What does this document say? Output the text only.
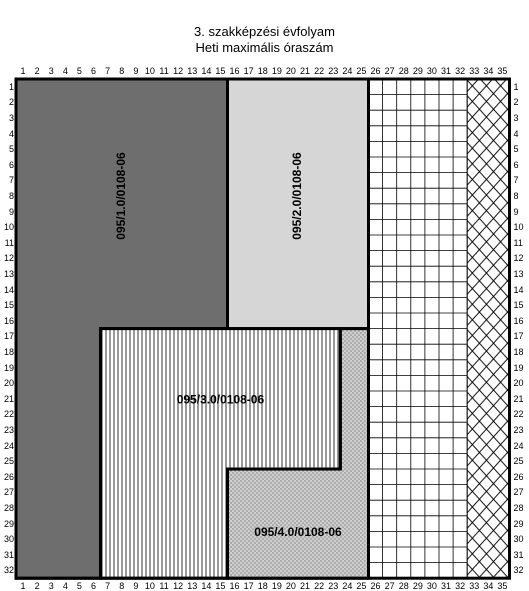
3. szakképzési évfolyam
Heti maximális óraszám
1
1
2
2
3
3
4
4
5
5
6
6
7
7
8
8
9
9
10
10
11
11
12
12
13
13
14
14
15
15
16
16
17
17
18
18
19
19
20
20
21
21
22
22
23
23
24
24
25
25
26
26
27
27
28
28
29
29
30
30
31
31
32
32
33
33
34
34
35
35
1	1
2	2
3	3
4	4
5	5
6	6
7	7
8	8
9	9
10	10
11	11
12	12
13	13
14	14
15	15
16	16
17	17
18	18
19	19
20	20
21	21
22	22
23	23
24	24
25	25
26	26
27	27
28	28
29	29
30	30
31	31
32	32
095/1.0/0108-06	095/2.0/0108-06
095/3.0/0108-06
095/4.0/0108-06
